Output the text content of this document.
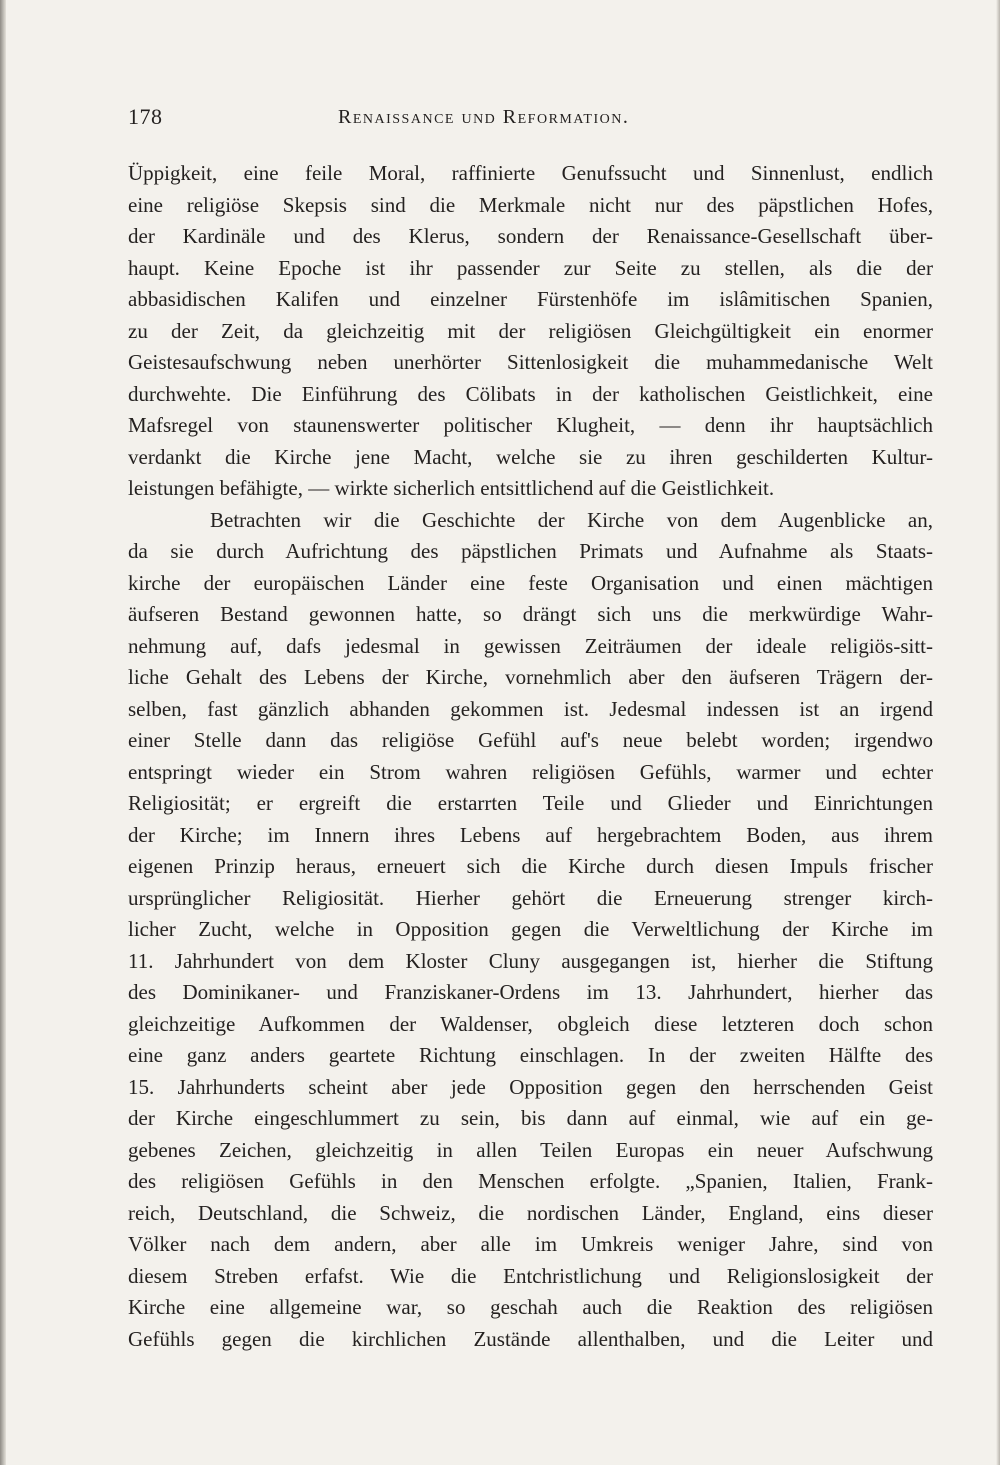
178	Renaissance und Reformation.
Üppigkeit, eine feile Moral, raffinierte Genufssucht und Sinnenlust, endlich
eine religiöse Skepsis sind die Merkmale nicht nur des päpstlichen Hofes,
der Kardinäle und des Klerus, sondern der Renaissance-Gesellschaft über-
haupt. Keine Epoche ist ihr passender zur Seite zu stellen, als die der
abbasidischen Kalifen und einzelner Fürstenhöfe im islâmitischen Spanien,
zu der Zeit, da gleichzeitig mit der religiösen Gleichgültigkeit ein enormer
Geistesaufschwung neben unerhörter Sittenlosigkeit die muhammedanische Welt
durchwehte. Die Einführung des Cölibats in der katholischen Geistlichkeit, eine
Mafsregel von staunenswerter politischer Klugheit, — denn ihr hauptsächlich
verdankt die Kirche jene Macht, welche sie zu ihren geschilderten Kultur-
leistungen befähigte, — wirkte sicherlich entsittlichend auf die Geistlichkeit.
Betrachten wir die Geschichte der Kirche von dem Augenblicke an,
da sie durch Aufrichtung des päpstlichen Primats und Aufnahme als Staats-
kirche der europäischen Länder eine feste Organisation und einen mächtigen
äufseren Bestand gewonnen hatte, so drängt sich uns die merkwürdige Wahr-
nehmung auf, dafs jedesmal in gewissen Zeiträumen der ideale religiös-sitt-
liche Gehalt des Lebens der Kirche, vornehmlich aber den äufseren Trägern der-
selben, fast gänzlich abhanden gekommen ist. Jedesmal indessen ist an irgend
einer Stelle dann das religiöse Gefühl auf's neue belebt worden; irgendwo
entspringt wieder ein Strom wahren religiösen Gefühls, warmer und echter
Religiosität; er ergreift die erstarrten Teile und Glieder und Einrichtungen
der Kirche; im Innern ihres Lebens auf hergebrachtem Boden, aus ihrem
eigenen Prinzip heraus, erneuert sich die Kirche durch diesen Impuls frischer
ursprünglicher Religiosität. Hierher gehört die Erneuerung strenger kirch-
licher Zucht, welche in Opposition gegen die Verweltlichung der Kirche im
11. Jahrhundert von dem Kloster Cluny ausgegangen ist, hierher die Stiftung
des Dominikaner- und Franziskaner-Ordens im 13. Jahrhundert, hierher das
gleichzeitige Aufkommen der Waldenser, obgleich diese letzteren doch schon
eine ganz anders geartete Richtung einschlagen. In der zweiten Hälfte des
15. Jahrhunderts scheint aber jede Opposition gegen den herrschenden Geist
der Kirche eingeschlummert zu sein, bis dann auf einmal, wie auf ein ge-
gebenes Zeichen, gleichzeitig in allen Teilen Europas ein neuer Aufschwung
des religiösen Gefühls in den Menschen erfolgte. „Spanien, Italien, Frank-
reich, Deutschland, die Schweiz, die nordischen Länder, England, eins dieser
Völker nach dem andern, aber alle im Umkreis weniger Jahre, sind von
diesem Streben erfafst. Wie die Entchristlichung und Religionslosigkeit der
Kirche eine allgemeine war, so geschah auch die Reaktion des religiösen
Gefühls gegen die kirchlichen Zustände allenthalben, und die Leiter und
